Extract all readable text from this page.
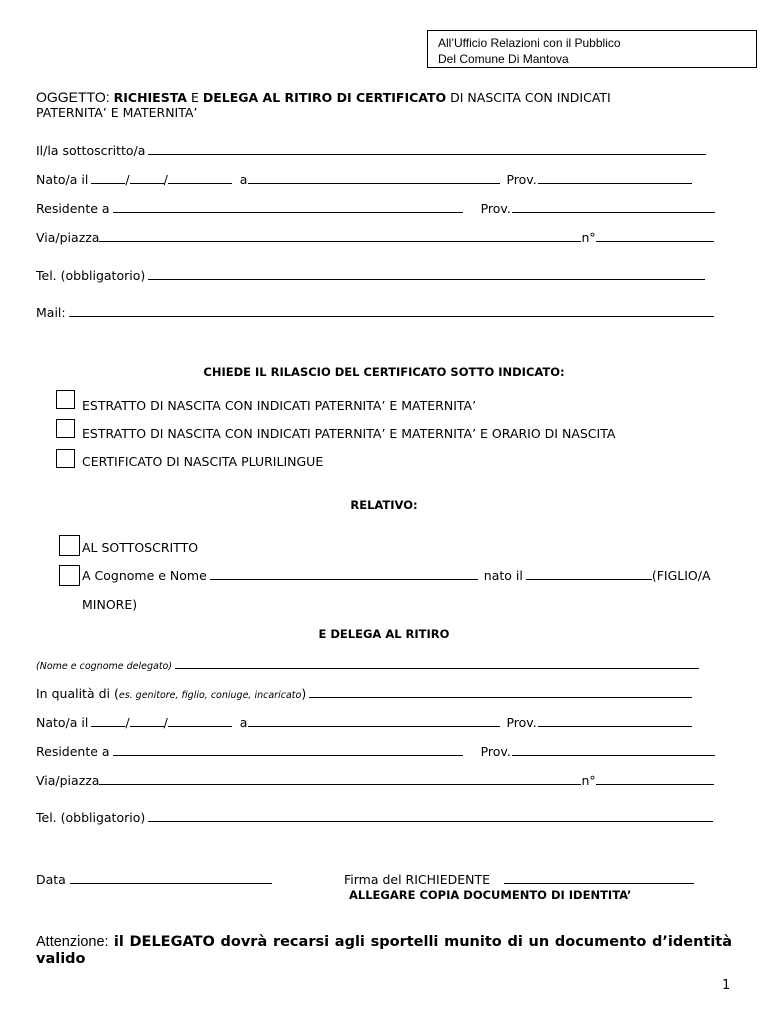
All’Ufficio Relazioni con il Pubblico
Del Comune Di Mantova
OGGETTO: RICHIESTA E DELEGA AL RITIRO DI CERTIFICATO DI NASCITA CON INDICATI
PATERNITA’ E MATERNITA’
Il/la sottoscritto/a
Nato/a il	/	/	a	Prov.
Residente a	Prov.
Via/piazza	n°
Tel. (obbligatorio)
Mail:
CHIEDE IL RILASCIO DEL CERTIFICATO SOTTO INDICATO:
ESTRATTO DI NASCITA CON INDICATI PATERNITA’ E MATERNITA’
ESTRATTO DI NASCITA CON INDICATI PATERNITA’ E MATERNITA’ E ORARIO DI NASCITA
CERTIFICATO DI NASCITA PLURILINGUE
RELATIVO:
AL SOTTOSCRITTO
A Cognome e Nome	nato il	(FIGLIO/A
MINORE)
E DELEGA AL RITIRO
(Nome e cognome delegato)
In qualità di ( es. genitore, figlio, coniuge, incaricato )
Nato/a il	/	/	a	Prov.
Residente a	Prov.
Via/piazza	n°
Tel. (obbligatorio)
Data	Firma del RICHIEDENTE
ALLEGARE COPIA DOCUMENTO DI IDENTITA’
Attenzione: il DELEGATO dovrà recarsi agli sportelli munito di un documento d’identità valido
1
